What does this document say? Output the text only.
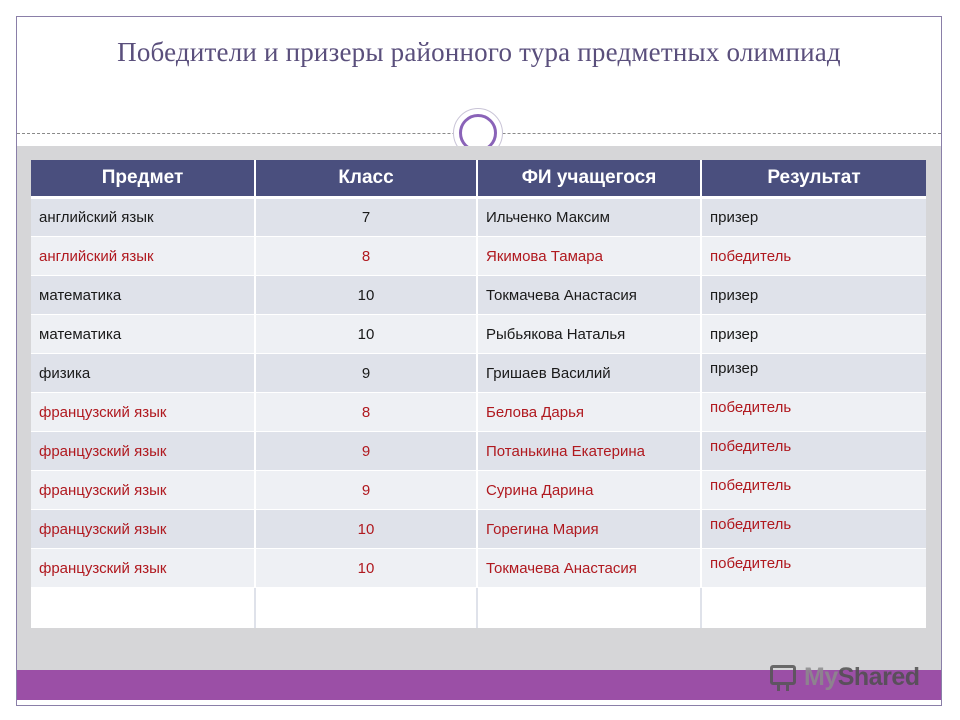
Победители и призеры районного тура предметных олимпиад
Предмет	Класс	ФИ учащегося	Результат
английский язык	7	Ильченко Максим	призер
английский язык	8	Якимова Тамара	победитель
математика	10	Токмачева Анастасия	призер
математика	10	Рыбьякова Наталья	призер
физика	9	Гришаев Василий	призер
французский язык	8	Белова Дарья	победитель
французский язык	9	Потанькина Екатерина	победитель
французский язык	9	Сурина Дарина	победитель
французский язык	10	Горегина Мария	победитель
французский язык	10	Токмачева Анастасия	победитель

MyShared
